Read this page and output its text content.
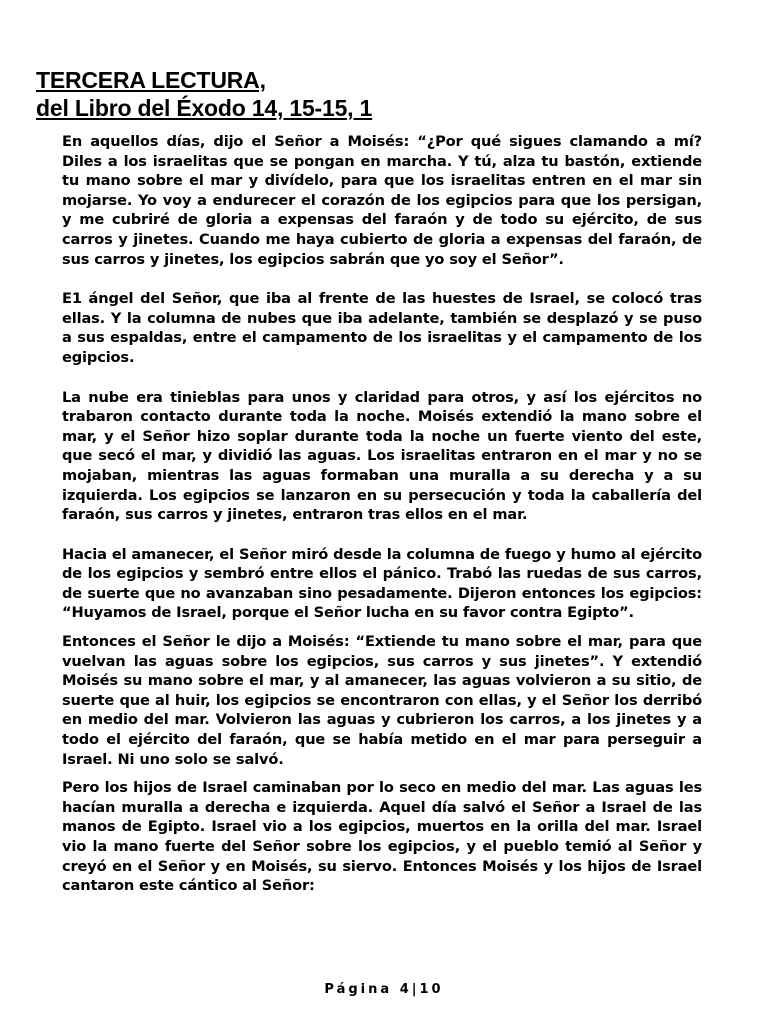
TERCERA LECTURA,
del Libro del Éxodo 14, 15-15, 1

En aquellos días, dijo el Señor a Moisés: “¿Por qué sigues clamando a mí? Diles a los israelitas que se pongan en marcha. Y tú, alza tu bastón, extiende tu mano sobre el mar y divídelo, para que los israelitas entren en el mar sin mojarse. Yo voy a endurecer el corazón de los egipcios para que los persigan, y me cubriré de gloria a expensas del faraón y de todo su ejército, de sus carros y jinetes. Cuando me haya cubierto de gloria a expensas del faraón, de sus carros y jinetes, los egipcios sabrán que yo soy el Señor”.

E1 ángel del Señor, que iba al frente de las huestes de Israel, se colocó tras ellas. Y la columna de nubes que iba adelante, también se desplazó y se puso a sus espaldas, entre el campamento de los israelitas y el campamento de los egipcios.

La nube era tinieblas para unos y claridad para otros, y así los ejércitos no trabaron contacto durante toda la noche. Moisés extendió la mano sobre el mar, y el Señor hizo soplar durante toda la noche un fuerte viento del este, que secó el mar, y dividió las aguas. Los israelitas entraron en el mar y no se mojaban, mientras las aguas formaban una muralla a su derecha y a su izquierda. Los egipcios se lanzaron en su persecución y toda la caballería del faraón, sus carros y jinetes, entraron tras ellos en el mar.

Hacia el amanecer, el Señor miró desde la columna de fuego y humo al ejército de los egipcios y sembró entre ellos el pánico. Trabó las ruedas de sus carros, de suerte que no avanzaban sino pesadamente. Dijeron entonces los egipcios: “Huyamos de Israel, porque el Señor lucha en su favor contra Egipto”.

Entonces el Señor le dijo a Moisés: “Extiende tu mano sobre el mar, para que vuelvan las aguas sobre los egipcios, sus carros y sus jinetes”. Y extendió Moisés su mano sobre el mar, y al amanecer, las aguas volvieron a su sitio, de suerte que al huir, los egipcios se encontraron con ellas, y el Señor los derribó en medio del mar. Volvieron las aguas y cubrieron los carros, a los jinetes y a todo el ejército del faraón, que se había metido en el mar para perseguir a Israel. Ni uno solo se salvó.

Pero los hijos de Israel caminaban por lo seco en medio del mar. Las aguas les hacían muralla a derecha e izquierda. Aquel día salvó el Señor a Israel de las manos de Egipto. Israel vio a los egipcios, muertos en la orilla del mar. Israel vio la mano fuerte del Señor sobre los egipcios, y el pueblo temió al Señor y creyó en el Señor y en Moisés, su siervo. Entonces Moisés y los hijos de Israel cantaron este cántico al Señor:

Página 4|10
